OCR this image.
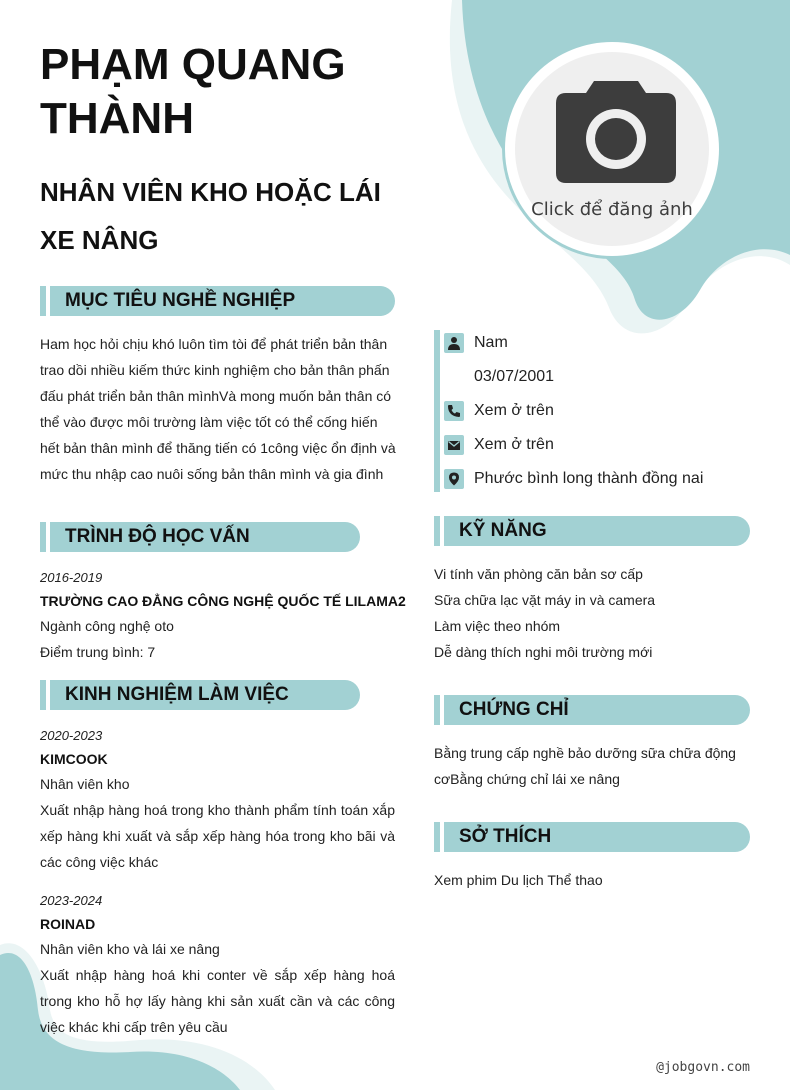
PHẠM QUANG THÀNH
NHÂN VIÊN KHO HOẶC LÁI XE NÂNG
Click để đăng ảnh
MỤC TIÊU NGHỀ NGHIỆP
Ham học hỏi chịu khó luôn tìm tòi để phát triển bản thân trao dồi nhiều kiếm thức kinh nghiệm cho bản thân phấn đấu phát triển bản thân mìnhVà mong muốn bản thân có thể vào được môi trường làm việc tốt có thể cống hiến hết bản thân mình để thăng tiến có 1công việc ổn định và mức thu nhập cao nuôi sống bản thân mình và gia đình
Nam
03/07/2001
Xem ở trên
Xem ở trên
Phước bình long thành đồng nai
TRÌNH ĐỘ HỌC VẤN
2016-2019
TRƯỜNG CAO ĐẲNG CÔNG NGHỆ QUỐC TẾ LILAMA2
Ngành công nghệ oto
Điểm trung bình: 7
KINH NGHIỆM LÀM VIỆC
2020-2023
KIMCOOK
Nhân viên kho
Xuất nhập hàng hoá trong kho thành phẩm tính toán xắp xếp hàng khi xuất và sắp xếp hàng hóa trong kho bãi và các công việc khác
2023-2024
ROINAD
Nhân viên kho và lái xe nâng
Xuất nhập hàng hoá khi conter về sắp xếp hàng hoá trong kho hỗ hợ lấy hàng khi sản xuất cần và các công việc khác khi cấp trên yêu cầu
KỸ NĂNG
Vi tính văn phòng căn bản sơ cấp
Sữa chữa lạc vặt máy in và camera
Làm việc theo nhóm
Dễ dàng thích nghi môi trường mới
CHỨNG CHỈ
Bằng trung cấp nghề bảo dưỡng sữa chữa động cơBằng chứng chỉ lái xe nâng
SỞ THÍCH
Xem phim Du lịch Thể thao
@jobgovn.com
